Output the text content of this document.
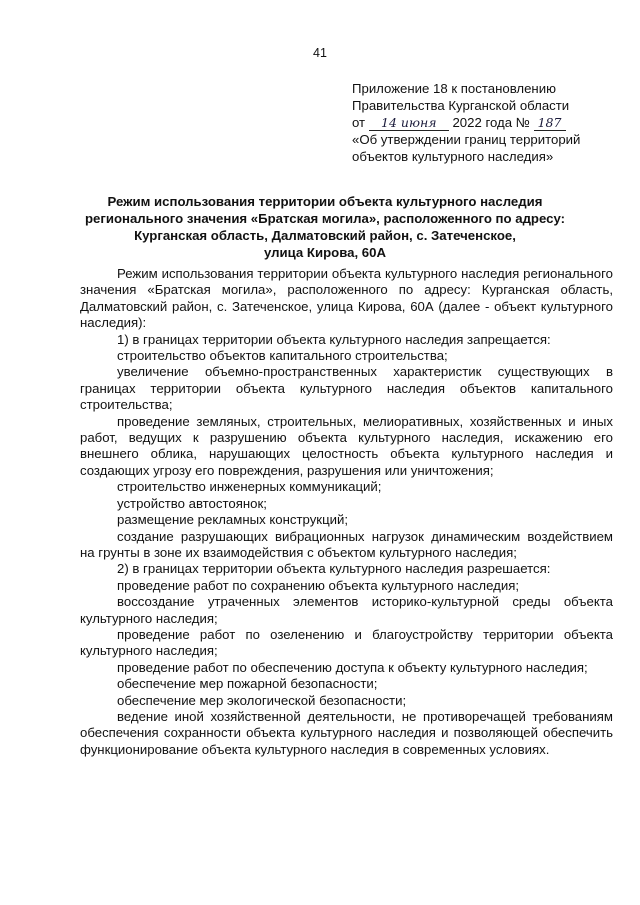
41
Приложение 18 к постановлению
Правительства Курганской области
от 14 июня 2022 года № 187
«Об утверждении границ территорий
объектов культурного наследия»
Режим использования территории объекта культурного наследия
регионального значения «Братская могила», расположенного по адресу:
Курганская область, Далматовский район, с. Затеченское,
улица Кирова, 60А

Режим использования территории объекта культурного наследия регионального значения «Братская могила», расположенного по адресу: Курганская область, Далматовский район, с. Затеченское, улица Кирова, 60А (далее - объект культурного наследия):

1) в границах территории объекта культурного наследия запрещается:

строительство объектов капитального строительства;

увеличение объемно-пространственных характеристик существующих в границах территории объекта культурного наследия объектов капитального строительства;

проведение земляных, строительных, мелиоративных, хозяйственных и иных работ, ведущих к разрушению объекта культурного наследия, искажению его внешнего облика, нарушающих целостность объекта культурного наследия и создающих угрозу его повреждения, разрушения или уничтожения;

строительство инженерных коммуникаций;

устройство автостоянок;

размещение рекламных конструкций;

создание разрушающих вибрационных нагрузок динамическим воздействием на грунты в зоне их взаимодействия с объектом культурного наследия;

2) в границах территории объекта культурного наследия разрешается:

проведение работ по сохранению объекта культурного наследия;

воссоздание утраченных элементов историко-культурной среды объекта культурного наследия;

проведение работ по озеленению и благоустройству территории объекта культурного наследия;

проведение работ по обеспечению доступа к объекту культурного наследия;

обеспечение мер пожарной безопасности;

обеспечение мер экологической безопасности;

ведение иной хозяйственной деятельности, не противоречащей требованиям обеспечения сохранности объекта культурного наследия и позволяющей обеспечить функционирование объекта культурного наследия в современных условиях.
